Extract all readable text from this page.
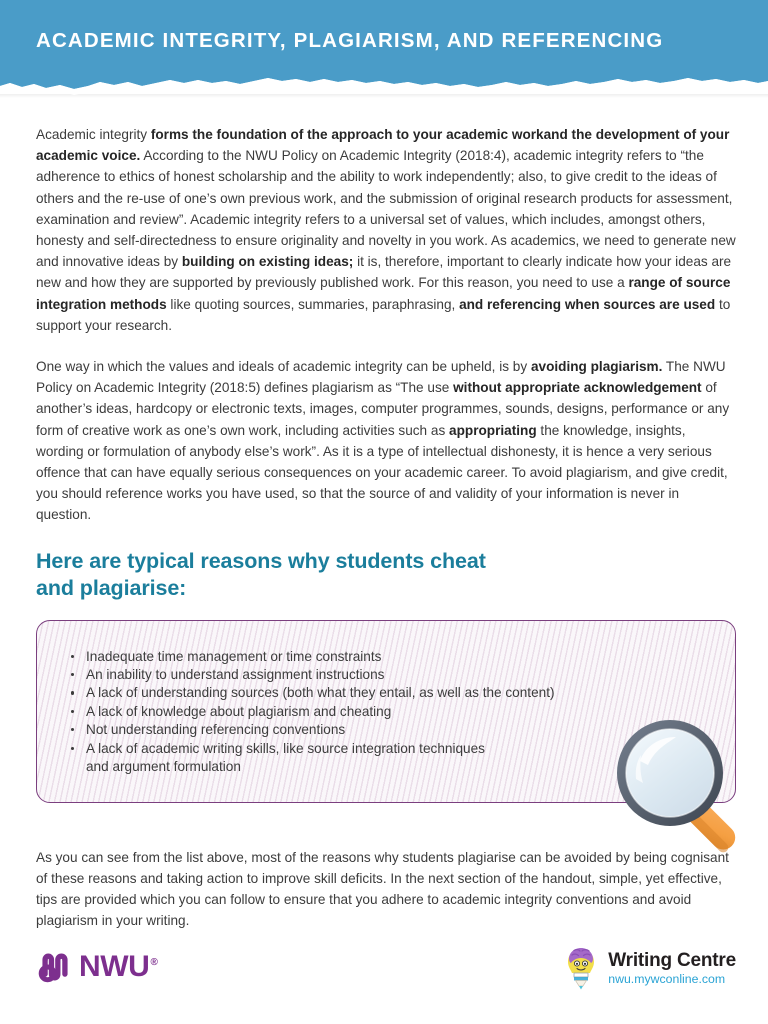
ACADEMIC INTEGRITY, PLAGIARISM, AND REFERENCING

Academic integrity forms the foundation of the approach to your academic workand the development of your academic voice. According to the NWU Policy on Academic Integrity (2018:4), academic integrity refers to “the adherence to ethics of honest scholarship and the ability to work independently; also, to give credit to the ideas of others and the re-use of one’s own previous work, and the submission of original research products for assessment, examination and review”. Academic integrity refers to a universal set of values, which includes, amongst others, honesty and self-directedness to ensure originality and novelty in you work. As academics, we need to generate new and innovative ideas by building on existing ideas; it is, therefore, important to clearly indicate how your ideas are new and how they are supported by previously published work. For this reason, you need to use a range of source integration methods like quoting sources, summaries, paraphrasing, and referencing when sources are used to support your research.

One way in which the values and ideals of academic integrity can be upheld, is by avoiding plagiarism. The NWU Policy on Academic Integrity (2018:5) defines plagiarism as “The use without appropriate acknowledgement of another’s ideas, hardcopy or electronic texts, images, computer programmes, sounds, designs, performance or any form of creative work as one’s own work, including activities such as appropriating the knowledge, insights, wording or formulation of anybody else’s work”. As it is a type of intellectual dishonesty, it is hence a very serious offence that can have equally serious consequences on your academic career. To avoid plagiarism, and give credit, you should reference works you have used, so that the source of and validity of your information is never in question.

Here are typical reasons why students cheat
and plagiarise:
Inadequate time management or time constraints
An inability to understand assignment instructions
A lack of understanding sources (both what they entail, as well as the content)
A lack of knowledge about plagiarism and cheating
Not understanding referencing conventions
A lack of academic writing skills, like source integration techniques
and argument formulation

As you can see from the list above, most of the reasons why students plagiarise can be avoided by being cognisant of these reasons and taking action to improve skill deficits. In the next section of the handout, simple, yet effective, tips are provided which you can follow to ensure that you adhere to academic integrity conventions and avoid plagiarism in your writing.

NWU®	Writing Centre
nwu.mywconline.com
